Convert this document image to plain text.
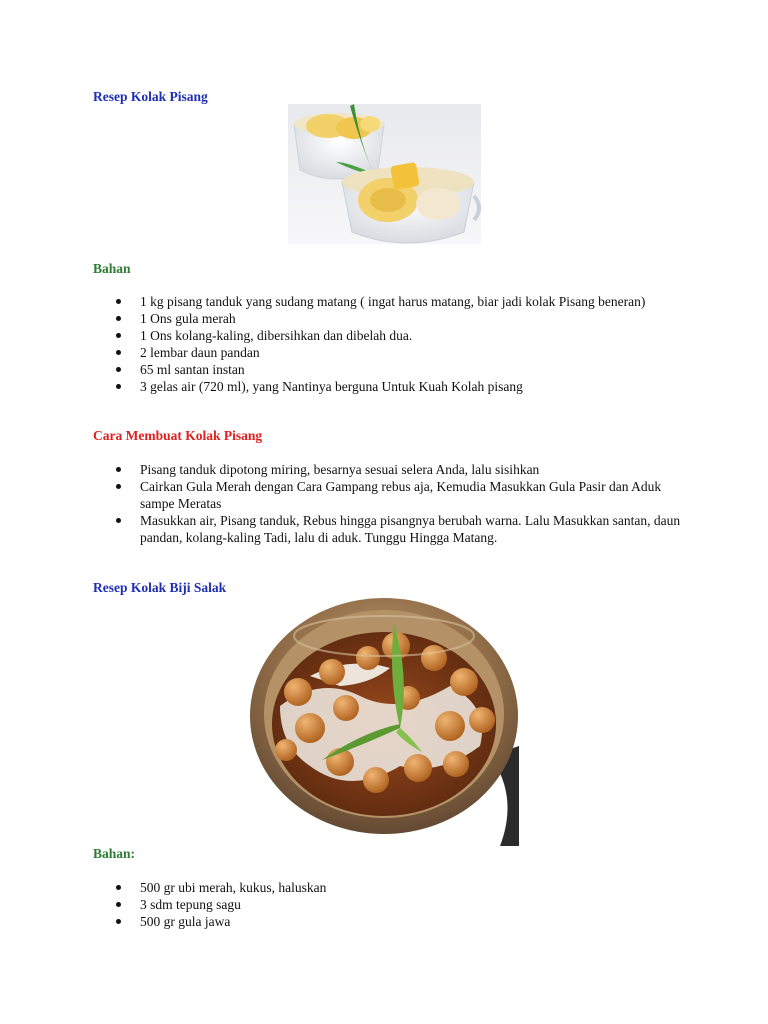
Resep Kolak Pisang
Bahan
1 kg pisang tanduk yang sudang matang ( ingat harus matang, biar jadi kolak Pisang beneran)
1 Ons gula merah
1 Ons kolang-kaling, dibersihkan dan dibelah dua.
2 lembar daun pandan
65 ml santan instan
3 gelas air (720 ml), yang Nantinya berguna Untuk Kuah Kolah pisang
Cara Membuat Kolak Pisang
Pisang tanduk dipotong miring, besarnya sesuai selera Anda, lalu sisihkan
Cairkan Gula Merah dengan Cara Gampang rebus aja, Kemudia Masukkan Gula Pasir dan Aduk sampe Meratas
Masukkan air, Pisang tanduk, Rebus hingga pisangnya berubah warna. Lalu Masukkan santan, daun pandan, kolang-kaling Tadi, lalu di aduk. Tunggu Hingga Matang.
Resep Kolak Biji Salak
Bahan:
500 gr ubi merah, kukus, haluskan
3 sdm tepung sagu
500 gr gula jawa
